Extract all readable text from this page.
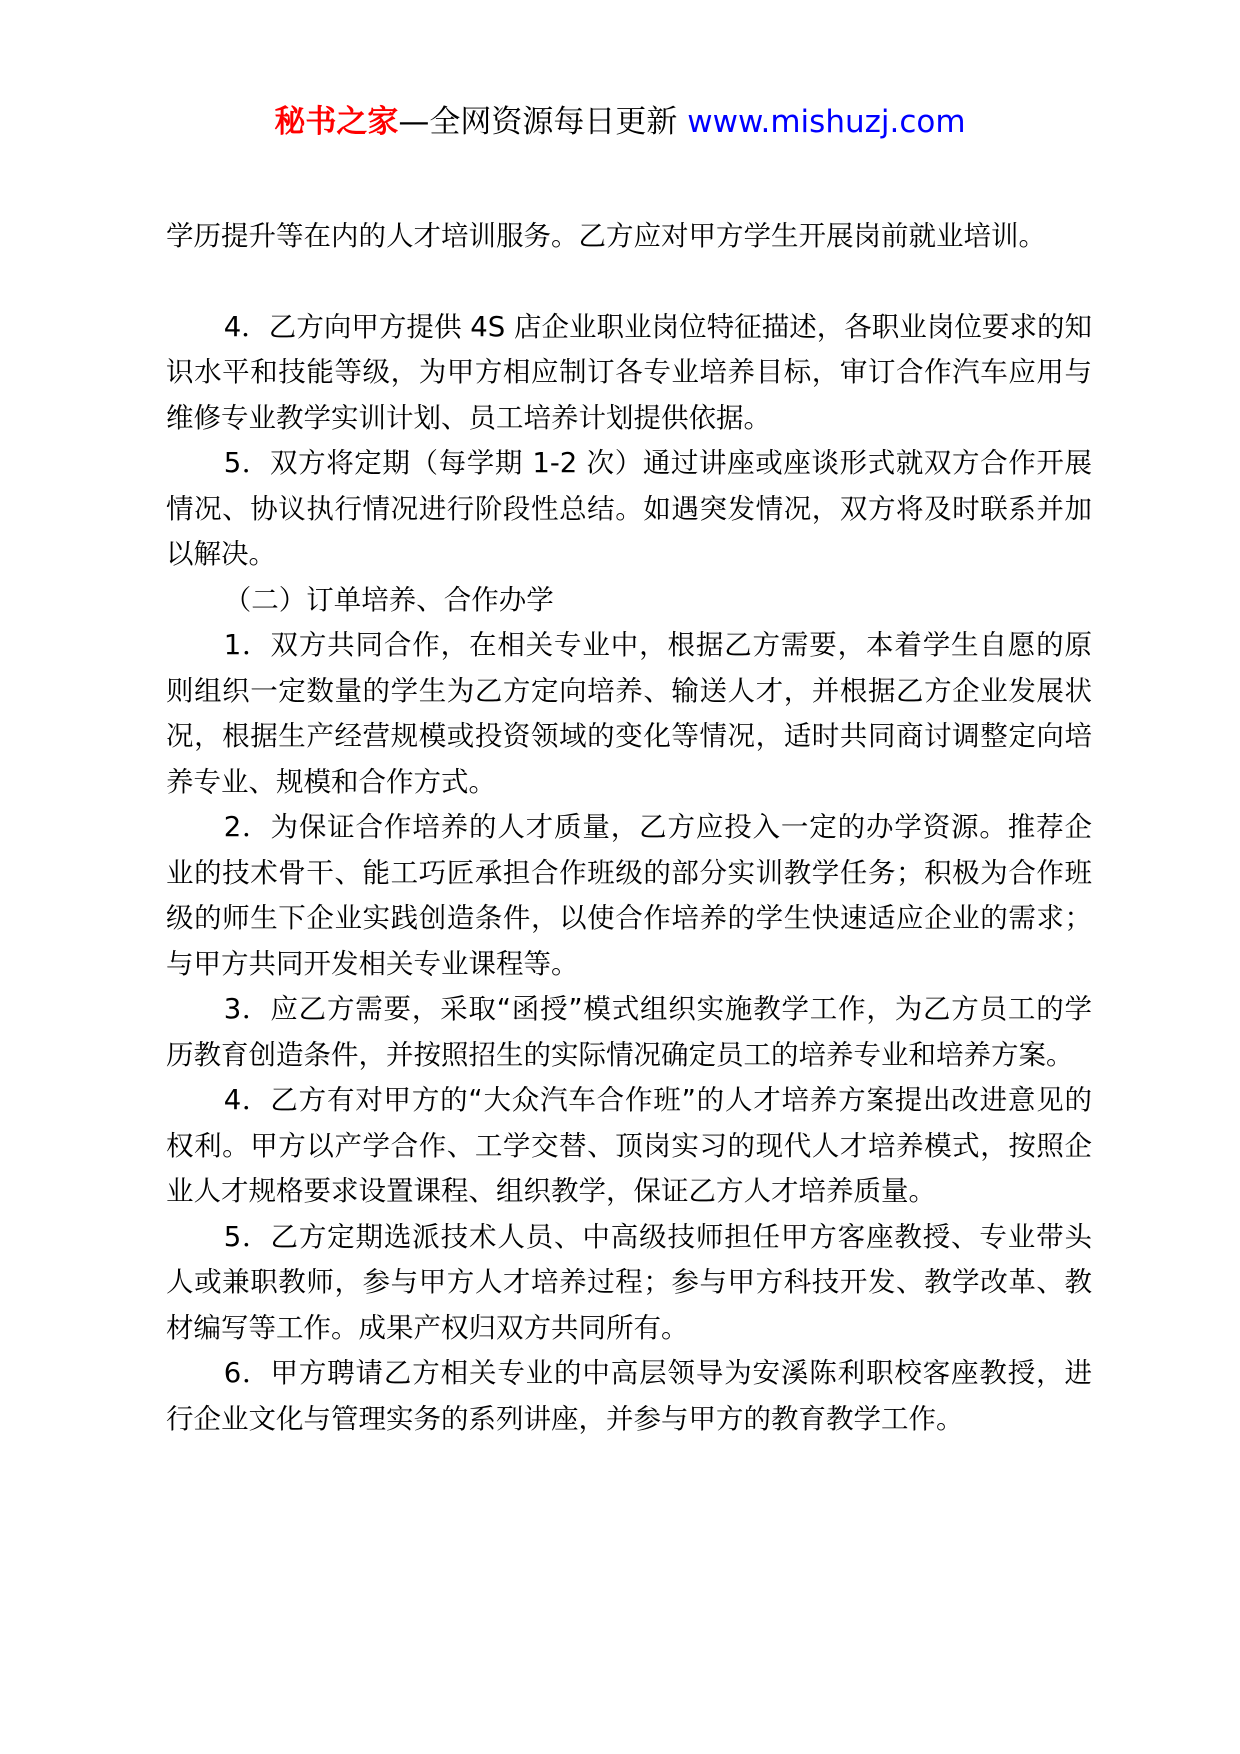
秘书之家—全网资源每日更新 www.mishuzj.com

学历提升等在内的人才培训服务。乙方应对甲方学生开展岗前就业培训。

4．乙方向甲方提供 4S 店企业职业岗位特征描述，各职业岗位要求的知识水平和技能等级，为甲方相应制订各专业培养目标，审订合作汽车应用与维修专业教学实训计划、员工培养计划提供依据。

5．双方将定期（每学期 1-2 次）通过讲座或座谈形式就双方合作开展情况、协议执行情况进行阶段性总结。如遇突发情况，双方将及时联系并加以解决。

（二）订单培养、合作办学

1．双方共同合作，在相关专业中，根据乙方需要，本着学生自愿的原则组织一定数量的学生为乙方定向培养、输送人才，并根据乙方企业发展状况，根据生产经营规模或投资领域的变化等情况，适时共同商讨调整定向培养专业、规模和合作方式。

2．为保证合作培养的人才质量，乙方应投入一定的办学资源。推荐企业的技术骨干、能工巧匠承担合作班级的部分实训教学任务；积极为合作班级的师生下企业实践创造条件，以使合作培养的学生快速适应企业的需求；与甲方共同开发相关专业课程等。

3．应乙方需要，采取“函授”模式组织实施教学工作，为乙方员工的学历教育创造条件，并按照招生的实际情况确定员工的培养专业和培养方案。

4．乙方有对甲方的“大众汽车合作班”的人才培养方案提出改进意见的权利。甲方以产学合作、工学交替、顶岗实习的现代人才培养模式，按照企业人才规格要求设置课程、组织教学，保证乙方人才培养质量。

5．乙方定期选派技术人员、中高级技师担任甲方客座教授、专业带头人或兼职教师，参与甲方人才培养过程；参与甲方科技开发、教学改革、教材编写等工作。成果产权归双方共同所有。

6．甲方聘请乙方相关专业的中高层领导为安溪陈利职校客座教授，进行企业文化与管理实务的系列讲座，并参与甲方的教育教学工作。
